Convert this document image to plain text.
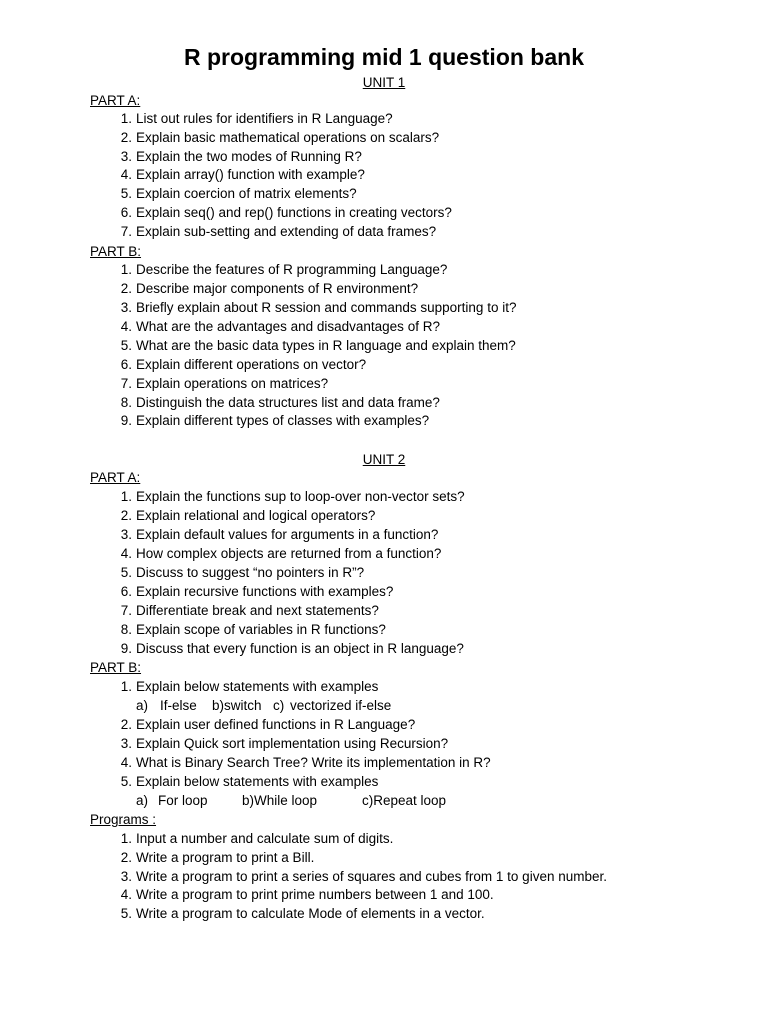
R programming mid 1 question bank
UNIT 1
PART A:
1. List out rules for identifiers in R Language?
2. Explain basic mathematical operations on scalars?
3. Explain the two modes of Running R?
4. Explain array() function with example?
5. Explain coercion of matrix elements?
6. Explain seq() and rep() functions in creating vectors?
7. Explain sub-setting and extending of data frames?
PART B:
1. Describe the features of R programming Language?
2. Describe major components of R environment?
3. Briefly explain about R session and commands supporting to it?
4. What are the advantages and disadvantages of R?
5. What are the basic data types in R language and explain them?
6. Explain different operations on vector?
7. Explain operations on matrices?
8. Distinguish the data structures list and data frame?
9. Explain different types of classes with examples?
UNIT 2
PART A:
1. Explain the functions sup to loop-over non-vector sets?
2. Explain relational and logical operators?
3. Explain default values for arguments in a function?
4. How complex objects are returned from a function?
5. Discuss to suggest “no pointers in R”?
6. Explain recursive functions with examples?
7. Differentiate break and next statements?
8. Explain scope of variables in R functions?
9. Discuss that every function is an object in R language?
PART B:
1. Explain below statements with examples
a) If-else b)switch c) vectorized if-else
2. Explain user defined functions in R Language?
3. Explain Quick sort implementation using Recursion?
4. What is Binary Search Tree? Write its implementation in R?
5. Explain below statements with examples
a) For loop	b)While loop	c)Repeat loop
Programs :
1. Input a number and calculate sum of digits.
2. Write a program to print a Bill.
3. Write a program to print a series of squares and cubes from 1 to given number.
4. Write a program to print prime numbers between 1 and 100.
5. Write a program to calculate Mode of elements in a vector.
